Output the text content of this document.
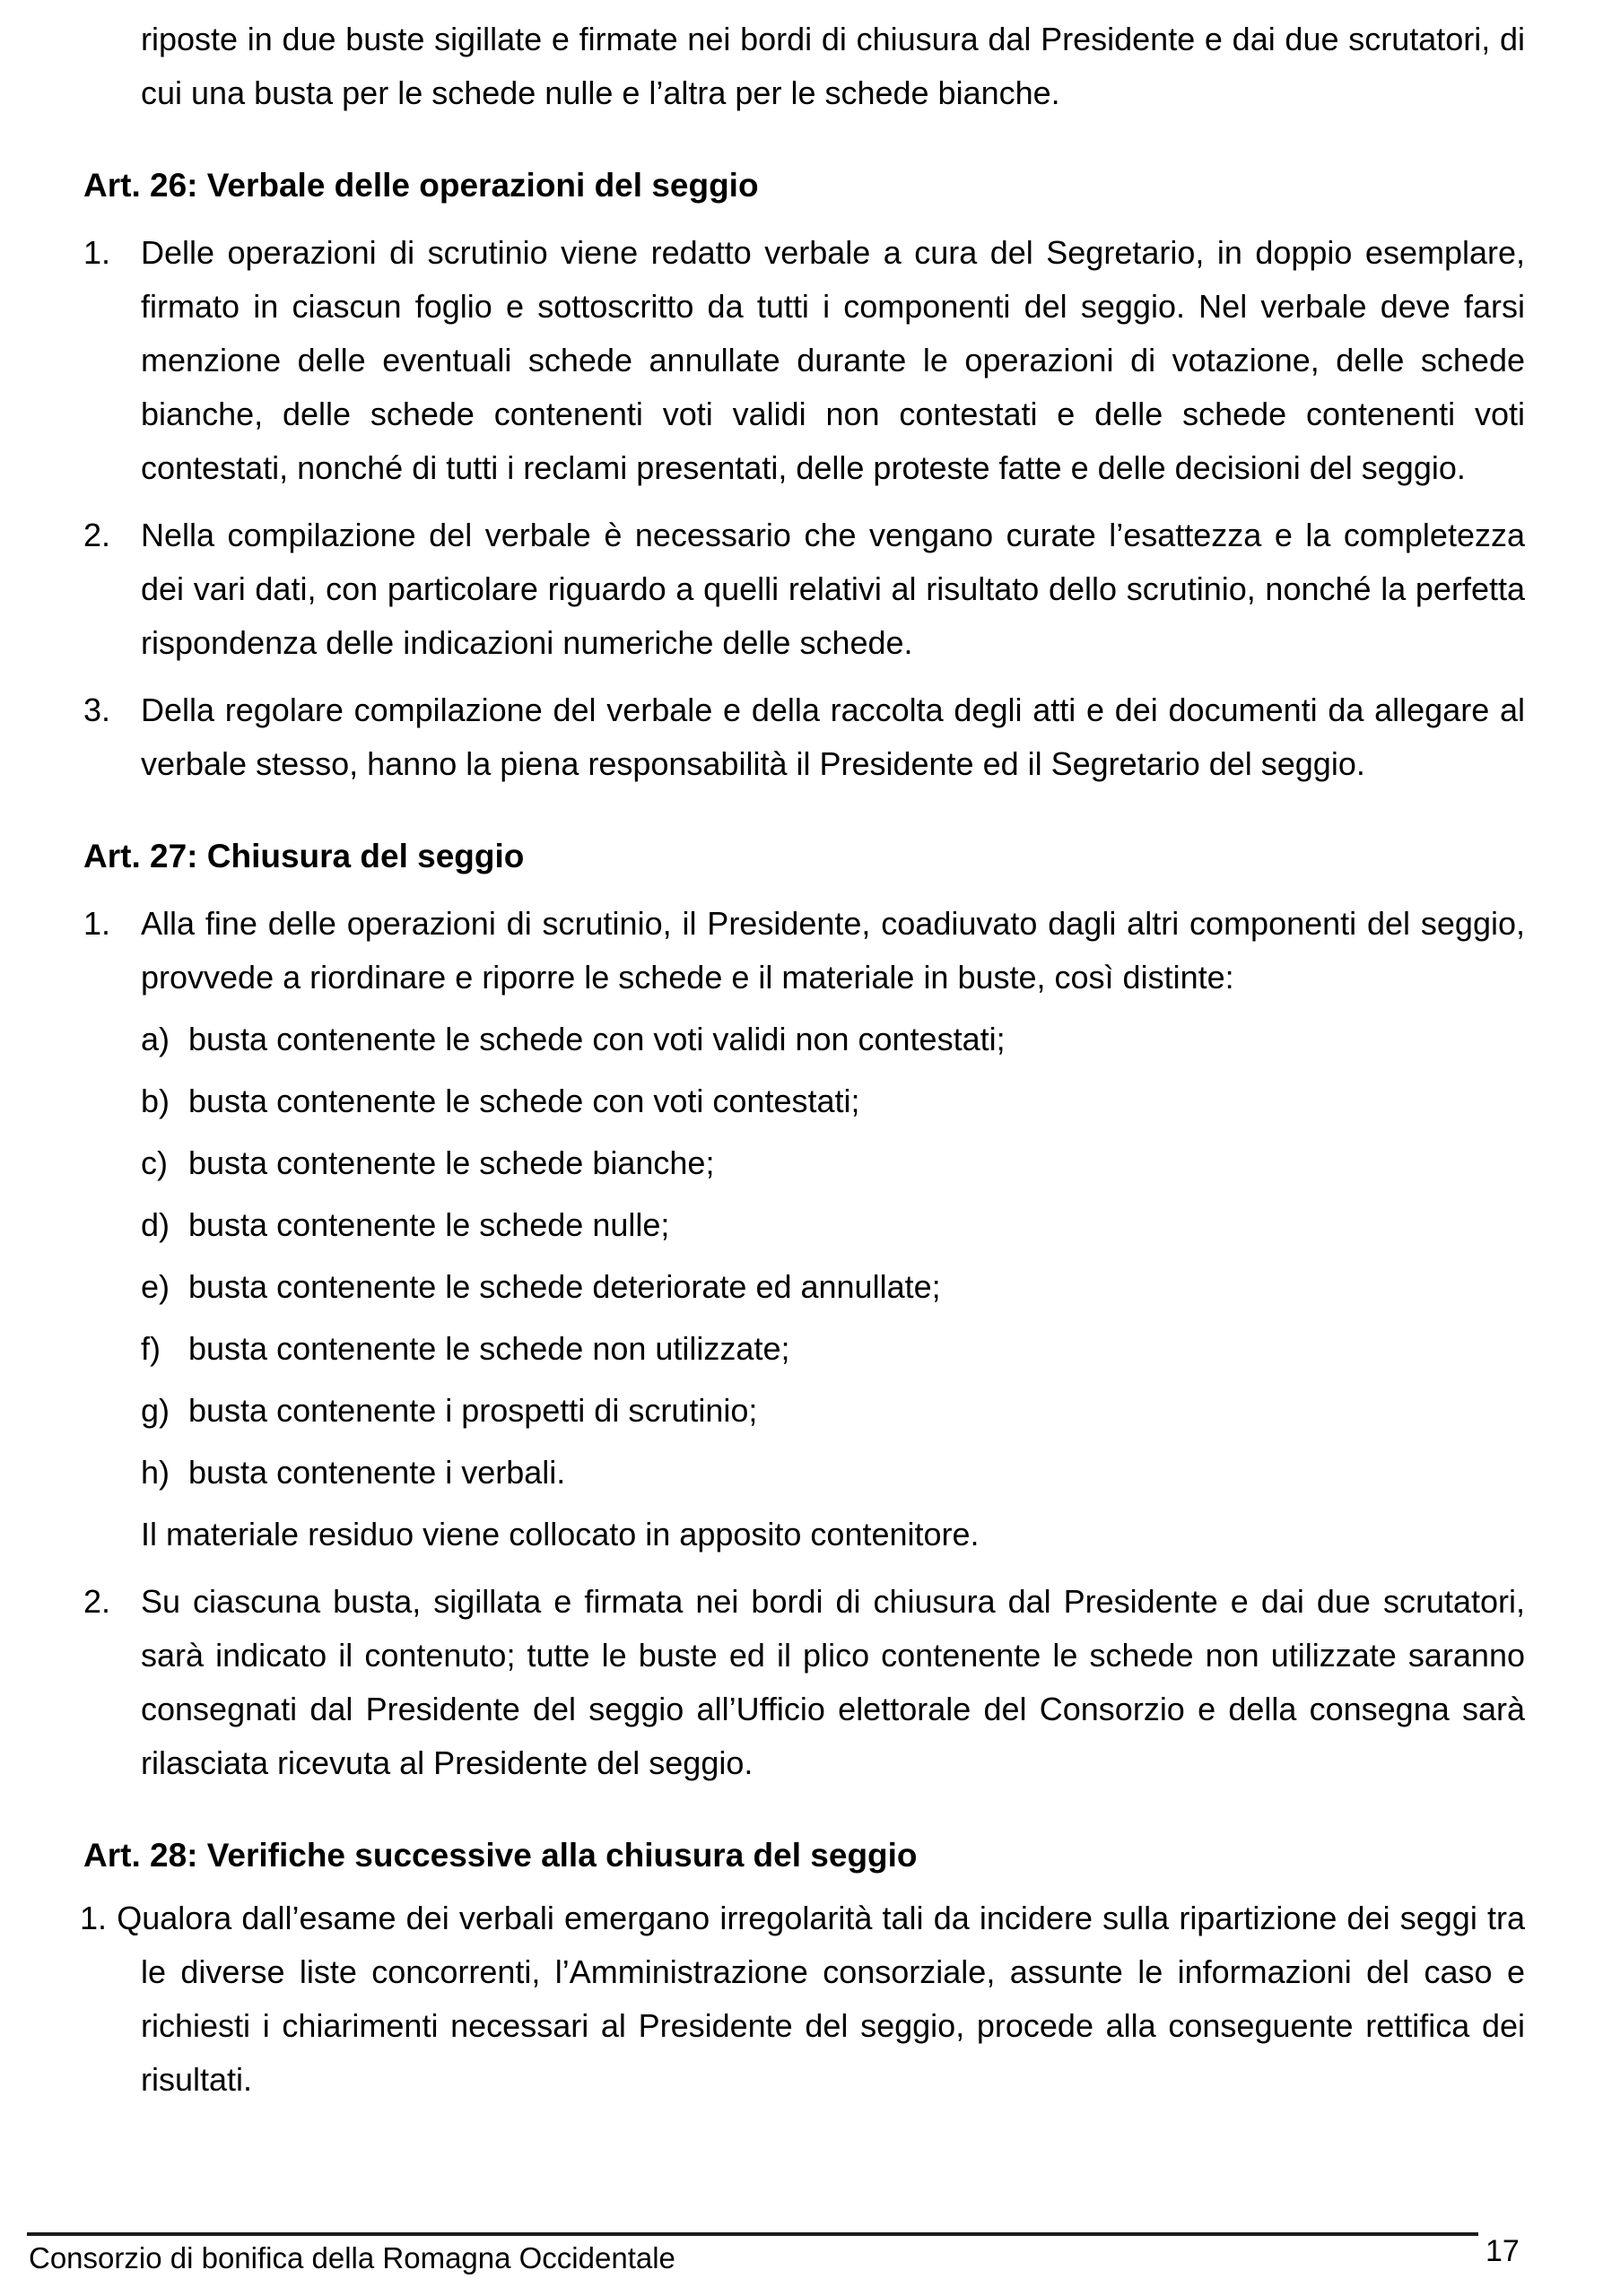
riposte in due buste sigillate e firmate nei bordi di chiusura dal Presidente e dai due scrutatori, di cui una busta per le schede nulle e l’altra per le schede bianche.

Art. 26: Verbale delle operazioni del seggio
1. Delle operazioni di scrutinio viene redatto verbale a cura del Segretario, in doppio esemplare, firmato in ciascun foglio e sottoscritto da tutti i componenti del seggio. Nel verbale deve farsi menzione delle eventuali schede annullate durante le operazioni di votazione, delle schede bianche, delle schede contenenti voti validi non contestati e delle schede contenenti voti contestati, nonché di tutti i reclami presentati, delle proteste fatte e delle decisioni del seggio.
2. Nella compilazione del verbale è necessario che vengano curate l’esattezza e la completezza dei vari dati, con particolare riguardo a quelli relativi al risultato dello scrutinio, nonché la perfetta rispondenza delle indicazioni numeriche delle schede.
3. Della regolare compilazione del verbale e della raccolta degli atti e dei documenti da allegare al verbale stesso, hanno la piena responsabilità il Presidente ed il Segretario del seggio.
Art. 27: Chiusura del seggio
1. Alla fine delle operazioni di scrutinio, il Presidente, coadiuvato dagli altri componenti del seggio, provvede a riordinare e riporre le schede e il materiale in buste, così distinte:
a) busta contenente le schede con voti validi non contestati;
b) busta contenente le schede con voti contestati;
c) busta contenente le schede bianche;
d) busta contenente le schede nulle;
e) busta contenente le schede deteriorate ed annullate;
f) busta contenente le schede non utilizzate;
g) busta contenente i prospetti di scrutinio;
h) busta contenente i verbali.
Il materiale residuo viene collocato in apposito contenitore.
2. Su ciascuna busta, sigillata e firmata nei bordi di chiusura dal Presidente e dai due scrutatori, sarà indicato il contenuto; tutte le buste ed il plico contenente le schede non utilizzate saranno consegnati dal Presidente del seggio all’Ufficio elettorale del Consorzio e della consegna sarà rilasciata ricevuta al Presidente del seggio.
Art. 28: Verifiche successive alla chiusura del seggio

1. Qualora dall’esame dei verbali emergano irregolarità tali da incidere sulla ripartizione dei seggi tra le diverse liste concorrenti, l’Amministrazione consorziale, assunte le informazioni del caso e richiesti i chiarimenti necessari al Presidente del seggio, procede alla conseguente rettifica dei risultati.

Consorzio di bonifica della Romagna Occidentale	17
